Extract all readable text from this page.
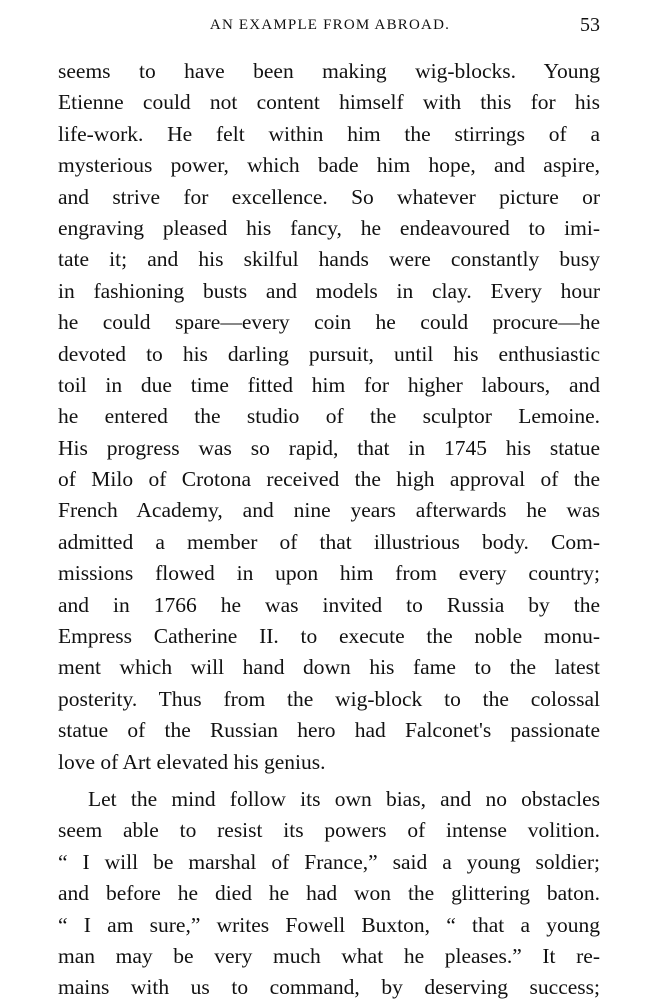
AN EXAMPLE FROM ABROAD.	53
seems to have been making wig-blocks. Young
Etienne could not content himself with this for his
life-work. He felt within him the stirrings of a
mysterious power, which bade him hope, and aspire,
and strive for excellence. So whatever picture or
engraving pleased his fancy, he endeavoured to imi-
tate it; and his skilful hands were constantly busy
in fashioning busts and models in clay. Every hour
he could spare—every coin he could procure—he
devoted to his darling pursuit, until his enthusiastic
toil in due time fitted him for higher labours, and
he entered the studio of the sculptor Lemoine.
His progress was so rapid, that in 1745 his statue
of Milo of Crotona received the high approval of the
French Academy, and nine years afterwards he was
admitted a member of that illustrious body. Com-
missions flowed in upon him from every country;
and in 1766 he was invited to Russia by the
Empress Catherine II. to execute the noble monu-
ment which will hand down his fame to the latest
posterity. Thus from the wig-block to the colossal
statue of the Russian hero had Falconet's passionate
love of Art elevated his genius.
Let the mind follow its own bias, and no obstacles
seem able to resist its powers of intense volition.
“ I will be marshal of France,” said a young soldier;
and before he died he had won the glittering baton.
“ I am sure,” writes Fowell Buxton, “ that a young
man may be very much what he pleases.” It re-
mains with us to command, by deserving success;
